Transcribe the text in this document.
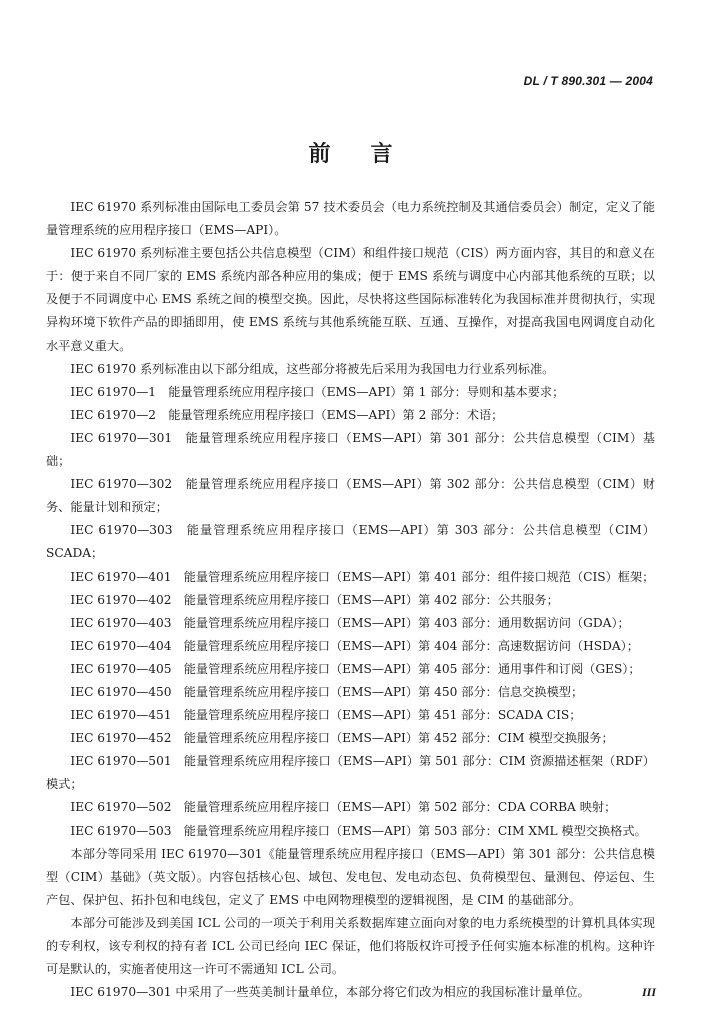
DL / T 890.301 — 2004
前言

IEC 61970 系列标准由国际电工委员会第 57 技术委员会（电力系统控制及其通信委员会）制定，定义了能量管理系统的应用程序接口（EMS—API）。

IEC 61970 系列标准主要包括公共信息模型（CIM）和组件接口规范（CIS）两方面内容，其目的和意义在于：便于来自不同厂家的 EMS 系统内部各种应用的集成；便于 EMS 系统与调度中心内部其他系统的互联；以及便于不同调度中心 EMS 系统之间的模型交换。因此，尽快将这些国际标准转化为我国标准并贯彻执行，实现异构环境下软件产品的即插即用，使 EMS 系统与其他系统能互联、互通、互操作，对提高我国电网调度自动化水平意义重大。

IEC 61970 系列标准由以下部分组成，这些部分将被先后采用为我国电力行业系列标准。

IEC 61970—1　能量管理系统应用程序接口（EMS—API）第 1 部分：导则和基本要求；

IEC 61970—2　能量管理系统应用程序接口（EMS—API）第 2 部分：术语；

IEC 61970—301　能量管理系统应用程序接口（EMS—API）第 301 部分：公共信息模型（CIM）基础；

IEC 61970—302　能量管理系统应用程序接口（EMS—API）第 302 部分：公共信息模型（CIM）财务、能量计划和预定；

IEC 61970—303　能量管理系统应用程序接口（EMS—API）第 303 部分：公共信息模型（CIM）SCADA；

IEC 61970—401　能量管理系统应用程序接口（EMS—API）第 401 部分：组件接口规范（CIS）框架；

IEC 61970—402　能量管理系统应用程序接口（EMS—API）第 402 部分：公共服务；

IEC 61970—403　能量管理系统应用程序接口（EMS—API）第 403 部分：通用数据访问（GDA）；

IEC 61970—404　能量管理系统应用程序接口（EMS—API）第 404 部分：高速数据访问（HSDA）；

IEC 61970—405　能量管理系统应用程序接口（EMS—API）第 405 部分：通用事件和订阅（GES）；

IEC 61970—450　能量管理系统应用程序接口（EMS—API）第 450 部分：信息交换模型；

IEC 61970—451　能量管理系统应用程序接口（EMS—API）第 451 部分：SCADA CIS；

IEC 61970—452　能量管理系统应用程序接口（EMS—API）第 452 部分：CIM 模型交换服务；

IEC 61970—501　能量管理系统应用程序接口（EMS—API）第 501 部分：CIM 资源描述框架（RDF）模式；

IEC 61970—502　能量管理系统应用程序接口（EMS—API）第 502 部分：CDA CORBA 映射；

IEC 61970—503　能量管理系统应用程序接口（EMS—API）第 503 部分：CIM XML 模型交换格式。

本部分等同采用 IEC 61970—301《能量管理系统应用程序接口（EMS—API）第 301 部分：公共信息模型（CIM）基础》（英文版）。内容包括核心包、域包、发电包、发电动态包、负荷模型包、量测包、停运包、生产包、保护包、拓扑包和电线包，定义了 EMS 中电网物理模型的逻辑视图，是 CIM 的基础部分。

本部分可能涉及到美国 ICL 公司的一项关于利用关系数据库建立面向对象的电力系统模型的计算机具体实现的专利权，该专利权的持有者 ICL 公司已经向 IEC 保证，他们将版权许可授予任何实施本标准的机构。这种许可是默认的，实施者使用这一许可不需通知 ICL 公司。

IEC 61970—301 中采用了一些英美制计量单位，本部分将它们改为相应的我国标准计量单位。	III
